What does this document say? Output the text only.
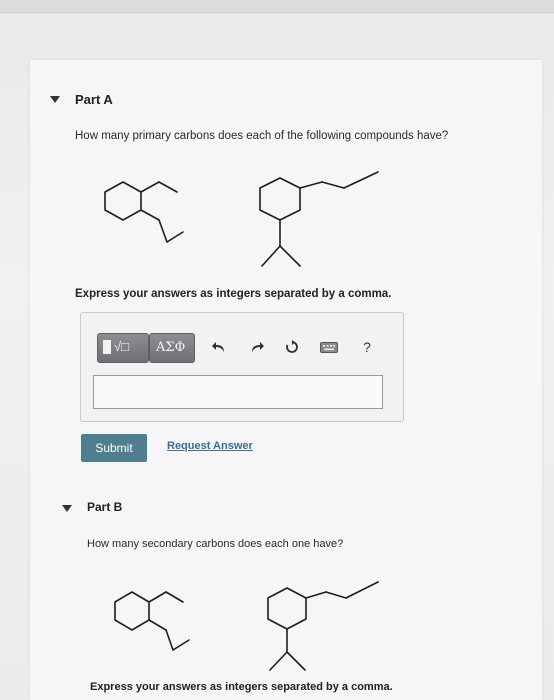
Part A
How many primary carbons does each of the following compounds have?
Express your answers as integers separated by a comma.
√□ ΑΣΦ	?
Submit	Request Answer
Part B
How many secondary carbons does each one have?
Express your answers as integers separated by a comma.
